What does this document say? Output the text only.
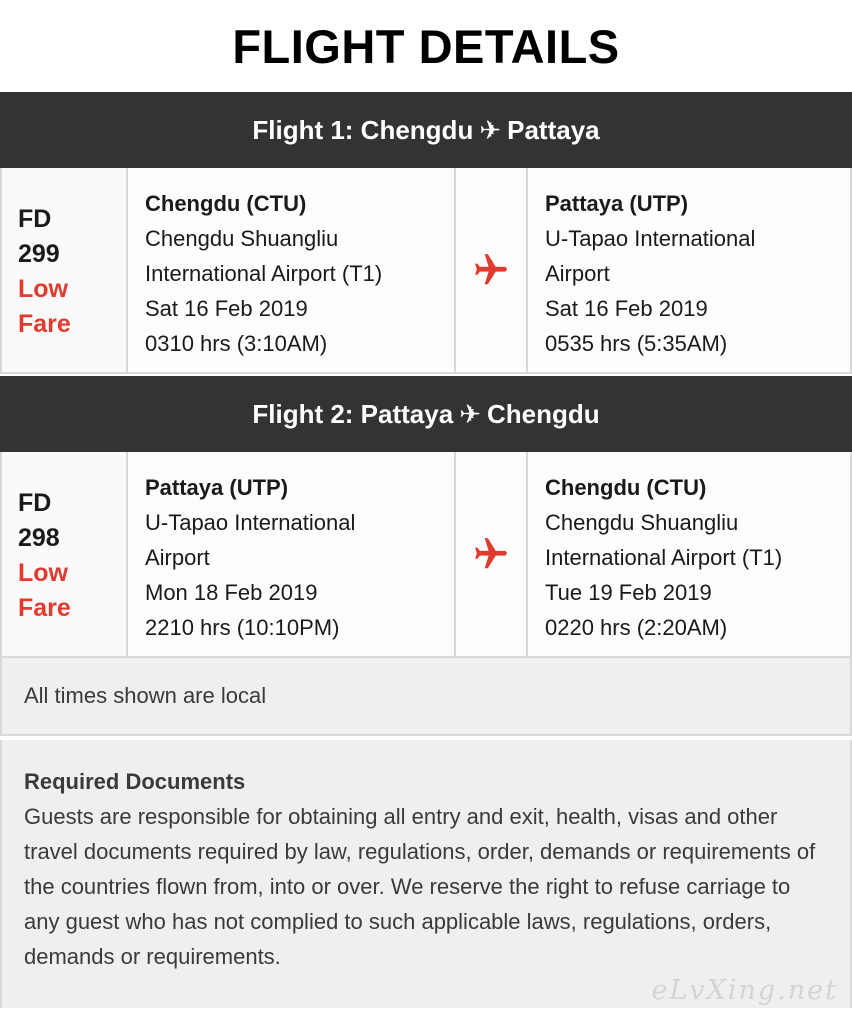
FLIGHT DETAILS
Flight 1: Chengdu ✈ Pattaya
FD
299
Low
Fare
Chengdu (CTU)
Chengdu Shuangliu
International Airport (T1)
Sat 16 Feb 2019
0310 hrs (3:10AM)
Pattaya (UTP)
U-Tapao International
Airport
Sat 16 Feb 2019
0535 hrs (5:35AM)
Flight 2: Pattaya ✈ Chengdu
FD
298
Low
Fare
Pattaya (UTP)
U-Tapao International
Airport
Mon 18 Feb 2019
2210 hrs (10:10PM)
Chengdu (CTU)
Chengdu Shuangliu
International Airport (T1)
Tue 19 Feb 2019
0220 hrs (2:20AM)
All times shown are local
Required Documents
Guests are responsible for obtaining all entry and exit, health, visas and other travel documents required by law, regulations, order, demands or requirements of the countries flown from, into or over. We reserve the right to refuse carriage to any guest who has not complied to such applicable laws, regulations, orders, demands or requirements.
eLvXing.net
